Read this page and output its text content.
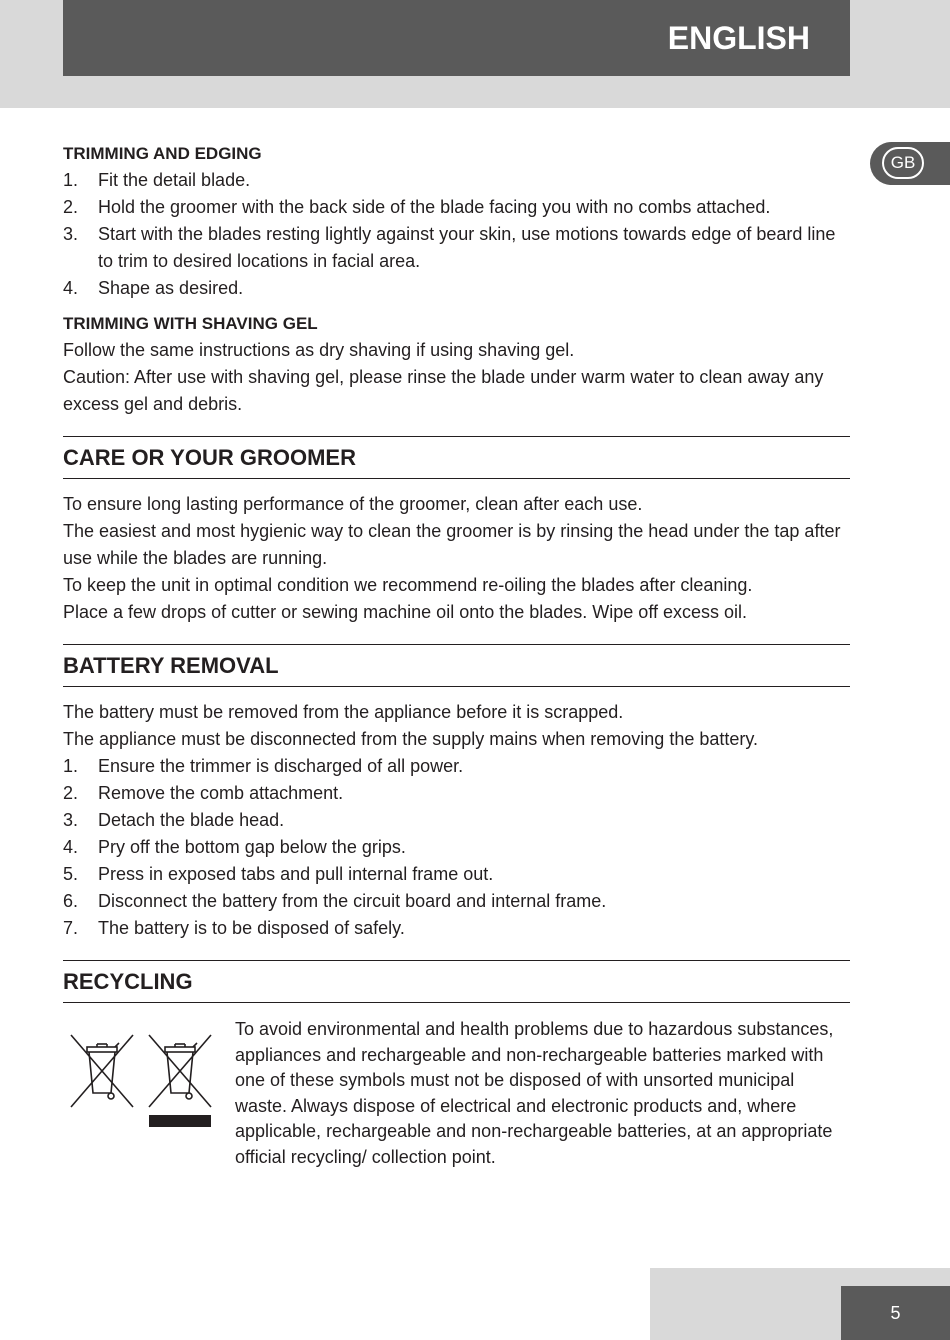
ENGLISH
GB
TRIMMING AND EDGING
1. Fit the detail blade.
2. Hold the groomer with the back side of the blade facing you with no combs attached.
3. Start with the blades resting lightly against your skin, use motions towards edge of beard line to trim to desired locations in facial area.
4. Shape as desired.
TRIMMING WITH SHAVING GEL

Follow the same instructions as dry shaving if using shaving gel.

Caution: After use with shaving gel, please rinse the blade under warm water to clean away any excess gel and debris.

CARE OR YOUR GROOMER

To ensure long lasting performance of the groomer, clean after each use.

The easiest and most hygienic way to clean the groomer is by rinsing the head under the tap after use while the blades are running.

To keep the unit in optimal condition we recommend re-oiling the blades after cleaning.

Place a few drops of cutter or sewing machine oil onto the blades. Wipe off excess oil.

BATTERY REMOVAL

The battery must be removed from the appliance before it is scrapped.

The appliance must be disconnected from the supply mains when removing the battery.

1. Ensure the trimmer is discharged of all power.
2. Remove the comb attachment.
3. Detach the blade head.
4. Pry off the bottom gap below the grips.
5. Press in exposed tabs and pull internal frame out.
6. Disconnect the battery from the circuit board and internal frame.
7. The battery is to be disposed of safely.
RECYCLING

To avoid environmental and health problems due to hazardous substances, appliances and rechargeable and non-rechargeable batteries marked with one of these symbols must not be disposed of with unsorted municipal waste. Always dispose of electrical and electronic products and, where applicable, rechargeable and non-rechargeable batteries, at an appropriate official recycling/ collection point.

5
